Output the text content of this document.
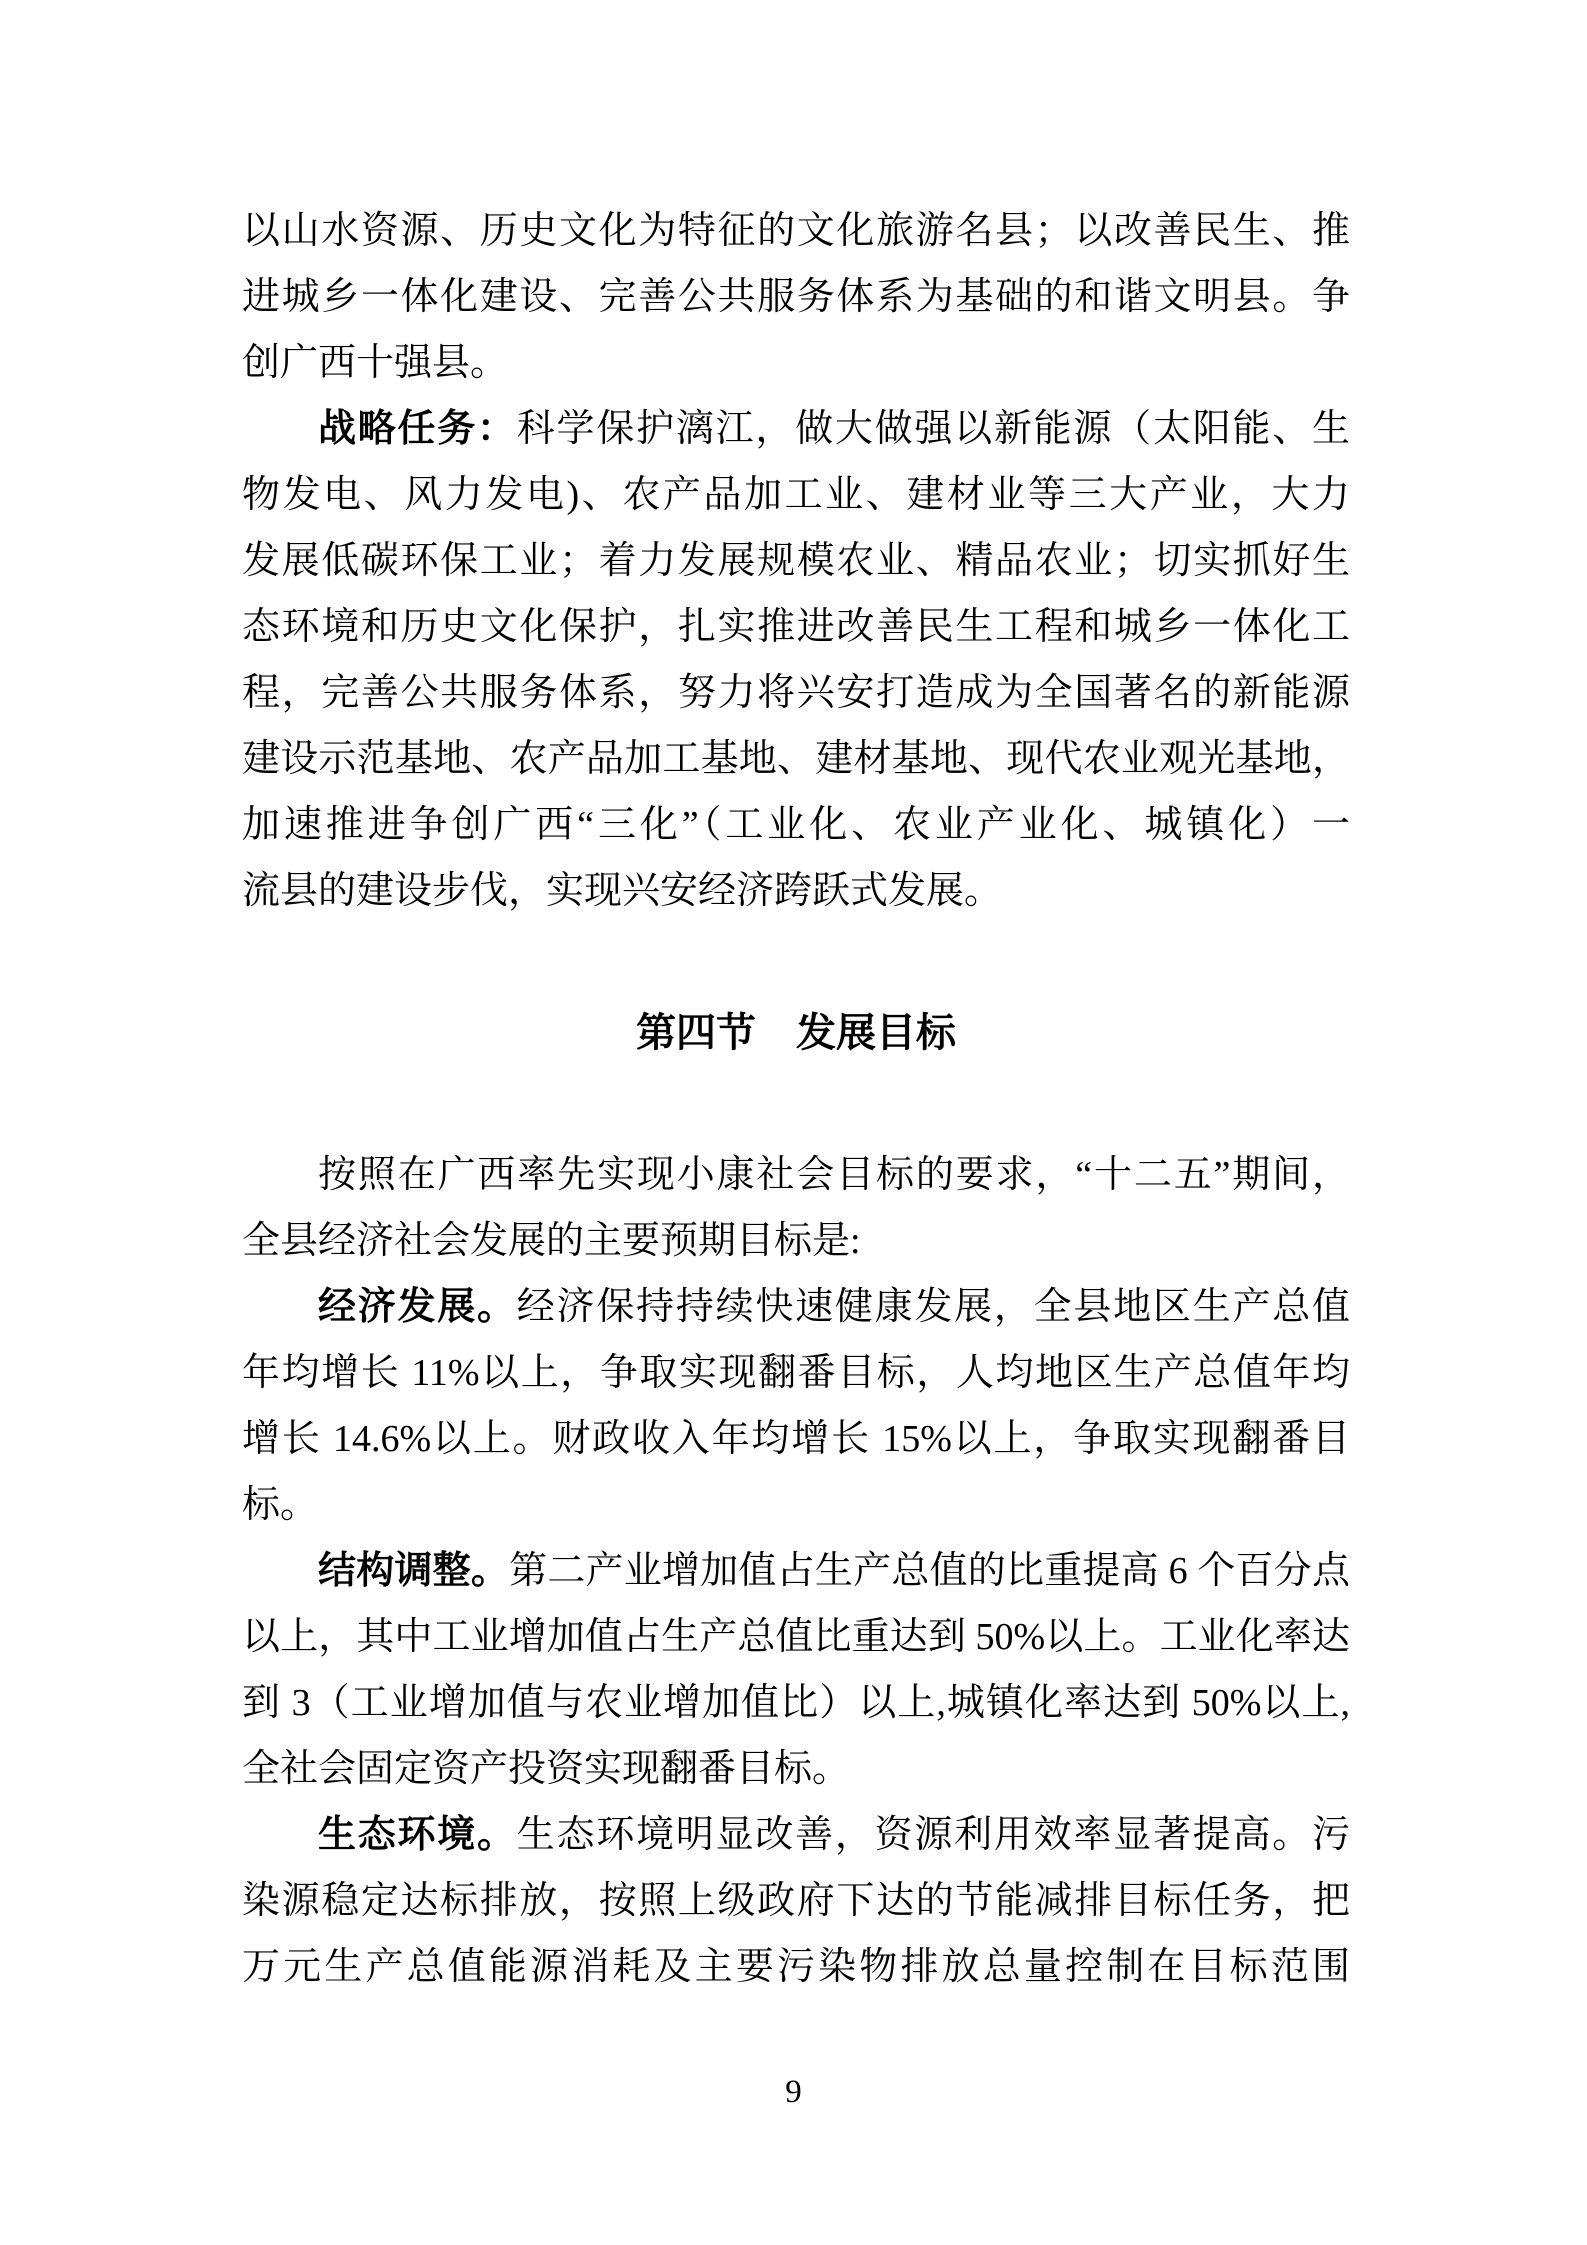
以山水资源、历史文化为特征的文化旅游名县；以改善民生、推
进城乡一体化建设、完善公共服务体系为基础的和谐文明县。争
创广西十强县。
战略任务：科学保护漓江，做大做强以新能源（太阳能、生
物发电、风力发电)、农产品加工业、建材业等三大产业，大力
发展低碳环保工业；着力发展规模农业、精品农业；切实抓好生
态环境和历史文化保护，扎实推进改善民生工程和城乡一体化工
程，完善公共服务体系，努力将兴安打造成为全国著名的新能源
建设示范基地、农产品加工基地、建材基地、现代农业观光基地，
加速推进争创广西“三化”（工业化、农业产业化、城镇化）一
流县的建设步伐，实现兴安经济跨跃式发展。
第四节　发展目标
按照在广西率先实现小康社会目标的要求，“十二五”期间，
全县经济社会发展的主要预期目标是:
经济发展。经济保持持续快速健康发展，全县地区生产总值
年均增长 11%以上，争取实现翻番目标，人均地区生产总值年均
增长 14.6%以上。财政收入年均增长 15%以上，争取实现翻番目
标。
结构调整。第二产业增加值占生产总值的比重提高 6 个百分点
以上，其中工业增加值占生产总值比重达到 50%以上。工业化率达
到 3（工业增加值与农业增加值比）以上,城镇化率达到 50%以上,
全社会固定资产投资实现翻番目标。
生态环境。生态环境明显改善，资源利用效率显著提高。污
染源稳定达标排放，按照上级政府下达的节能减排目标任务，把
万元生产总值能源消耗及主要污染物排放总量控制在目标范围
9
